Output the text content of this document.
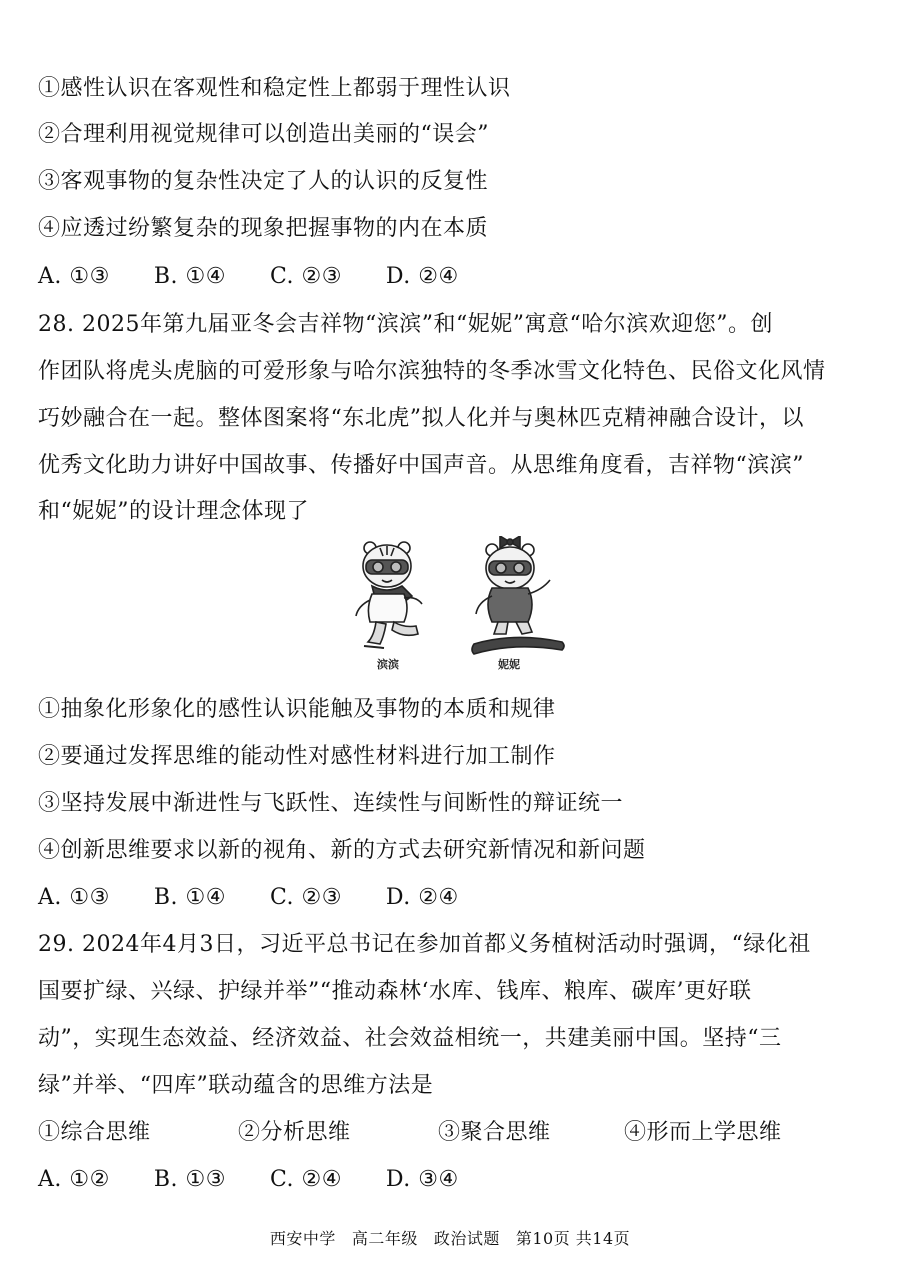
①感性认识在客观性和稳定性上都弱于理性认识
②合理利用视觉规律可以创造出美丽的“误会”
③客观事物的复杂性决定了人的认识的反复性
④应透过纷繁复杂的现象把握事物的内在本质
A. ①③ B. ①④ C. ②③ D. ②④
28. 2025年第九届亚冬会吉祥物“滨滨”和“妮妮”寓意“哈尔滨欢迎您”。创
作团队将虎头虎脑的可爱形象与哈尔滨独特的冬季冰雪文化特色、民俗文化风情
巧妙融合在一起。整体图案将“东北虎”拟人化并与奥林匹克精神融合设计，以
优秀文化助力讲好中国故事、传播好中国声音。从思维角度看，吉祥物“滨滨”
和“妮妮”的设计理念体现了
滨滨	妮妮
①抽象化形象化的感性认识能触及事物的本质和规律
②要通过发挥思维的能动性对感性材料进行加工制作
③坚持发展中渐进性与飞跃性、连续性与间断性的辩证统一
④创新思维要求以新的视角、新的方式去研究新情况和新问题
A. ①③ B. ①④ C. ②③ D. ②④
29. 2024年4月3日，习近平总书记在参加首都义务植树活动时强调，“绿化祖
国要扩绿、兴绿、护绿并举”“推动森林‘水库、钱库、粮库、碳库’更好联
动”，实现生态效益、经济效益、社会效益相统一，共建美丽中国。坚持“三
绿”并举、“四库”联动蕴含的思维方法是
①综合思维	②分析思维	③聚合思维	④形而上学思维
A. ①② B. ①③ C. ②④ D. ③④
西安中学 高二年级 政治试题 第10页 共14页
